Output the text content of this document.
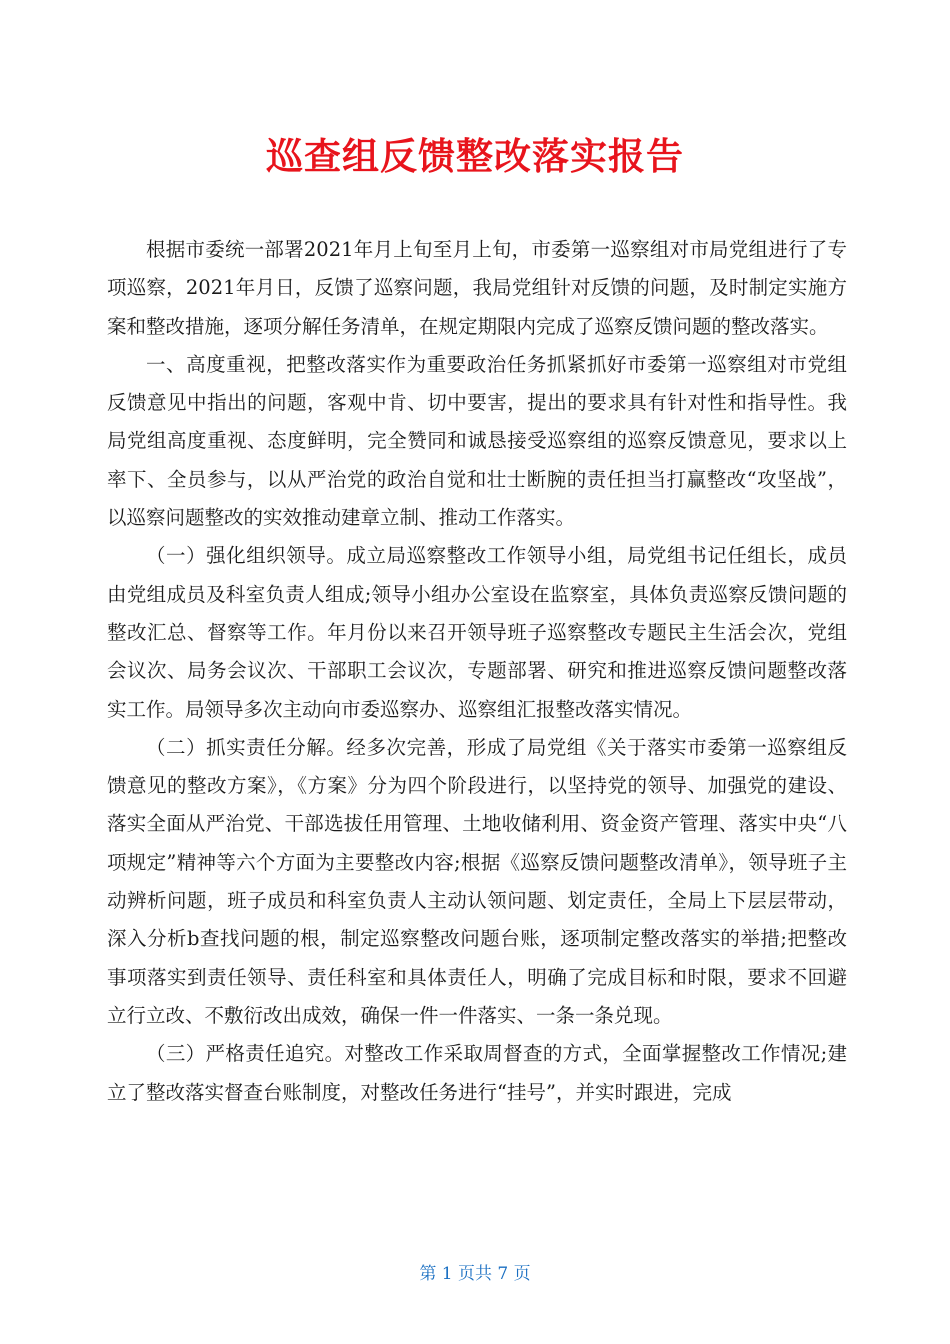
巡查组反馈整改落实报告

根据市委统一部署2021年月上旬至月上旬，市委第一巡察组对市局党组进行了专项巡察，2021年月日，反馈了巡察问题，我局党组针对反馈的问题，及时制定实施方案和整改措施，逐项分解任务清单，在规定期限内完成了巡察反馈问题的整改落实。

一、高度重视，把整改落实作为重要政治任务抓紧抓好市委第一巡察组对市党组反馈意见中指出的问题，客观中肯、切中要害，提出的要求具有针对性和指导性。我局党组高度重视、态度鲜明，完全赞同和诚恳接受巡察组的巡察反馈意见，要求以上率下、全员参与，以从严治党的政治自觉和壮士断腕的责任担当打赢整改“攻坚战”，以巡察问题整改的实效推动建章立制、推动工作落实。

（一）强化组织领导。成立局巡察整改工作领导小组，局党组书记任组长，成员由党组成员及科室负责人组成;领导小组办公室设在监察室，具体负责巡察反馈问题的整改汇总、督察等工作。年月份以来召开领导班子巡察整改专题民主生活会次，党组会议次、局务会议次、干部职工会议次，专题部署、研究和推进巡察反馈问题整改落实工作。局领导多次主动向市委巡察办、巡察组汇报整改落实情况。

（二）抓实责任分解。经多次完善，形成了局党组《关于落实市委第一巡察组反馈意见的整改方案》，《方案》分为四个阶段进行，以坚持党的领导、加强党的建设、落实全面从严治党、干部选拔任用管理、土地收储利用、资金资产管理、落实中央“八项规定”精神等六个方面为主要整改内容;根据《巡察反馈问题整改清单》，领导班子主动辨析问题，班子成员和科室负责人主动认领问题、划定责任，全局上下层层带动，深入分析b查找问题的根，制定巡察整改问题台账，逐项制定整改落实的举措;把整改事项落实到责任领导、责任科室和具体责任人，明确了完成目标和时限，要求不回避立行立改、不敷衍改出成效，确保一件一件落实、一条一条兑现。

（三）严格责任追究。对整改工作采取周督查的方式，全面掌握整改工作情况;建立了整改落实督查台账制度，对整改任务进行“挂号”，并实时跟进，完成

第 1 页共 7 页
